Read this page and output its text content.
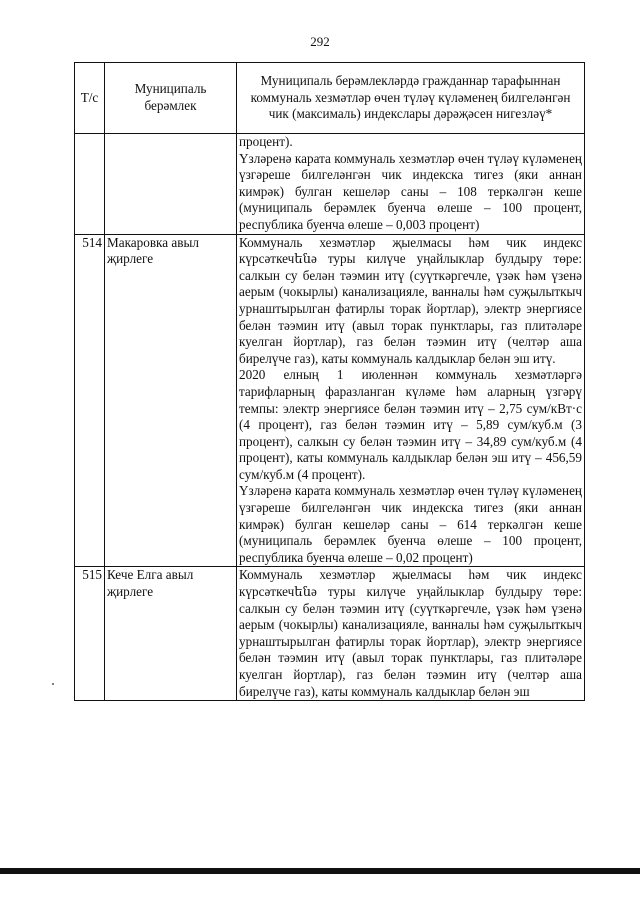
292
Т/с	Муниципаль берәмлек	Муниципаль берәмлекләрдә гражданнар тарафыннан коммуналь хезмәтләр өчен түләү күләменең билгеләнгән чик (максималь) индекслары дәрәҗәсен нигезләү*

		процент).

Үзләренә карата коммуналь хезмәтләр өчен түләү күләменең үзгәреше билгеләнгән чик индекска тигез (яки аннан кимрәк) булган кешеләр саны – 108 теркәлгән кеше (муниципаль берәмлек буенча өлеше – 100 процент, республика буенча өлеше – 0,003 процент)

514	Макаровка авыл җирлеге	Коммуналь хезмәтләр җыелмасы һәм чик индекс күрсәткечենә туры килүче уңайлыклар булдыру төре: салкын су белән тәэмин итү (суүткәргечле, үзәк һәм үзенә аерым (чокырлы) канализацияле, ванналы һәм суҗылыткыч урнаштырылган фатирлы торак йортлар), электр энергиясе белән тәэмин итү (авыл торак пунктлары, газ плитәләре куелган йортлар), газ белән тәэмин итү (челтәр аша бирелүче газ), каты коммуналь калдыклар белән эш итү.

2020 елның 1 июленнән коммуналь хезмәтләргә тарифларның фаразланган күләме һәм аларның үзгәрү темпы: электр энергиясе белән тәэмин итү – 2,75 сум/кВт·с (4 процент), газ белән тәэмин итү – 5,89 сум/куб.м (3 процент), салкын су белән тәэмин итү – 34,89 сум/куб.м (4 процент), каты коммуналь калдыклар белән эш итү – 456,59 сум/куб.м (4 процент).

Үзләренә карата коммуналь хезмәтләр өчен түләү күләменең үзгәреше билгеләнгән чик индекска тигез (яки аннан кимрәк) булган кешеләр саны – 614 теркәлгән кеше (муниципаль берәмлек буенча өлеше – 100 процент, республика буенча өлеше – 0,02 процент)

515	Кече Елга авыл җирлеге	Коммуналь хезмәтләр җыелмасы һәм чик индекс күрсәткечենә туры килүче уңайлыклар булдыру төре: салкын су белән тәэмин итү (суүткәргечле, үзәк һәм үзенә аерым (чокырлы) канализацияле, ванналы һәм суҗылыткыч урнаштырылган фатирлы торак йортлар), электр энергиясе белән тәэмин итү (авыл торак пунктлары, газ плитәләре куелган йортлар), газ белән тәэмин итү (челтәр аша бирелүче газ), каты коммуналь калдыклар белән эш
